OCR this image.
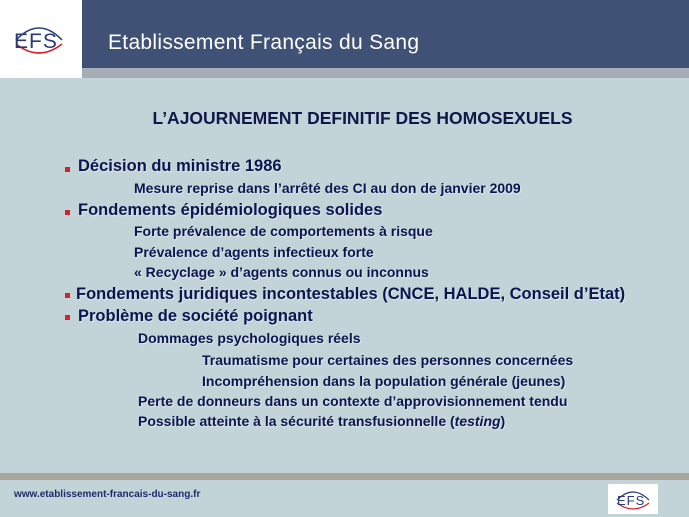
EFS Etablissement Français du Sang
L’AJOURNEMENT DEFINITIF DES HOMOSEXUELS
Décision du ministre 1986
Mesure reprise dans l’arrêté des CI au don de janvier 2009
Fondements épidémiologiques solides
Forte prévalence de comportements à risque
Prévalence d’agents infectieux forte
« Recyclage » d’agents connus ou inconnus
Fondements juridiques incontestables (CNCE, HALDE, Conseil d’Etat)
Problème de société poignant
Dommages psychologiques réels
Traumatisme pour certaines des personnes concernées
Incompréhension dans la population générale (jeunes)
Perte de donneurs dans un contexte d’approvisionnement tendu
Possible atteinte à la sécurité transfusionnelle (testing)
www.etablissement-francais-du-sang.fr	EFS
